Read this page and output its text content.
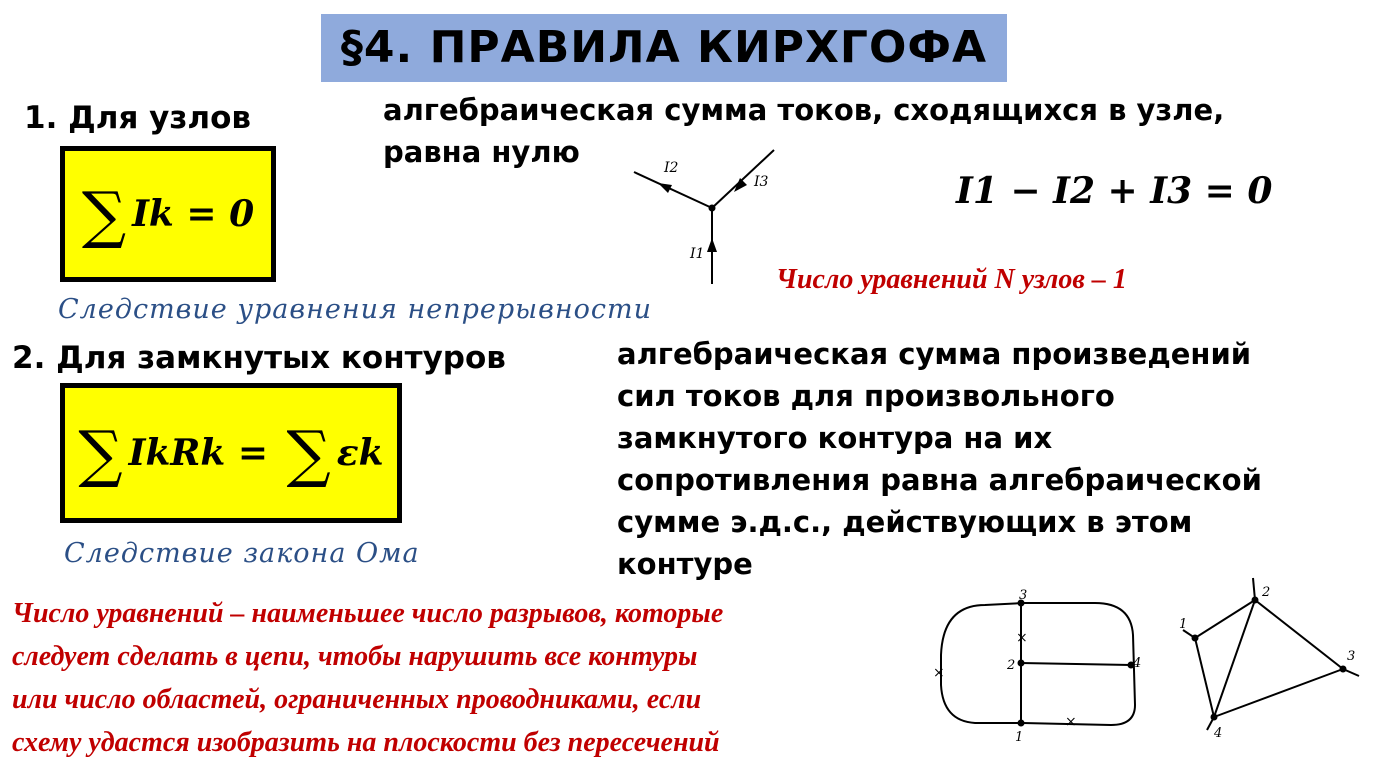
§4. ПРАВИЛА КИРХГОФА
1. Для узлов
∑ Ik = 0
Следствие уравнения непрерывности
алгебраическая сумма токов, сходящихся в узле,
равна нулю	I2
I3
I1
I1 − I2 + I3 = 0
Число уравнений N узлов – 1
2. Для замкнутых контуров
∑ IkRk = ∑ εk
Следствие закона Ома
алгебраическая сумма произведений
сил токов для произвольного
замкнутого контура на их
сопротивления равна алгебраической
сумме э.д.с., действующих в этом
контуре
Число уравнений – наименьшее число разрывов, которые
следует сделать в цепи, чтобы нарушить все контуры
или число областей, ограниченных проводниками, если
схему удастся изобразить на плоскости без пересечений
×
×
×
3
2	4
1
1
2
3
4
